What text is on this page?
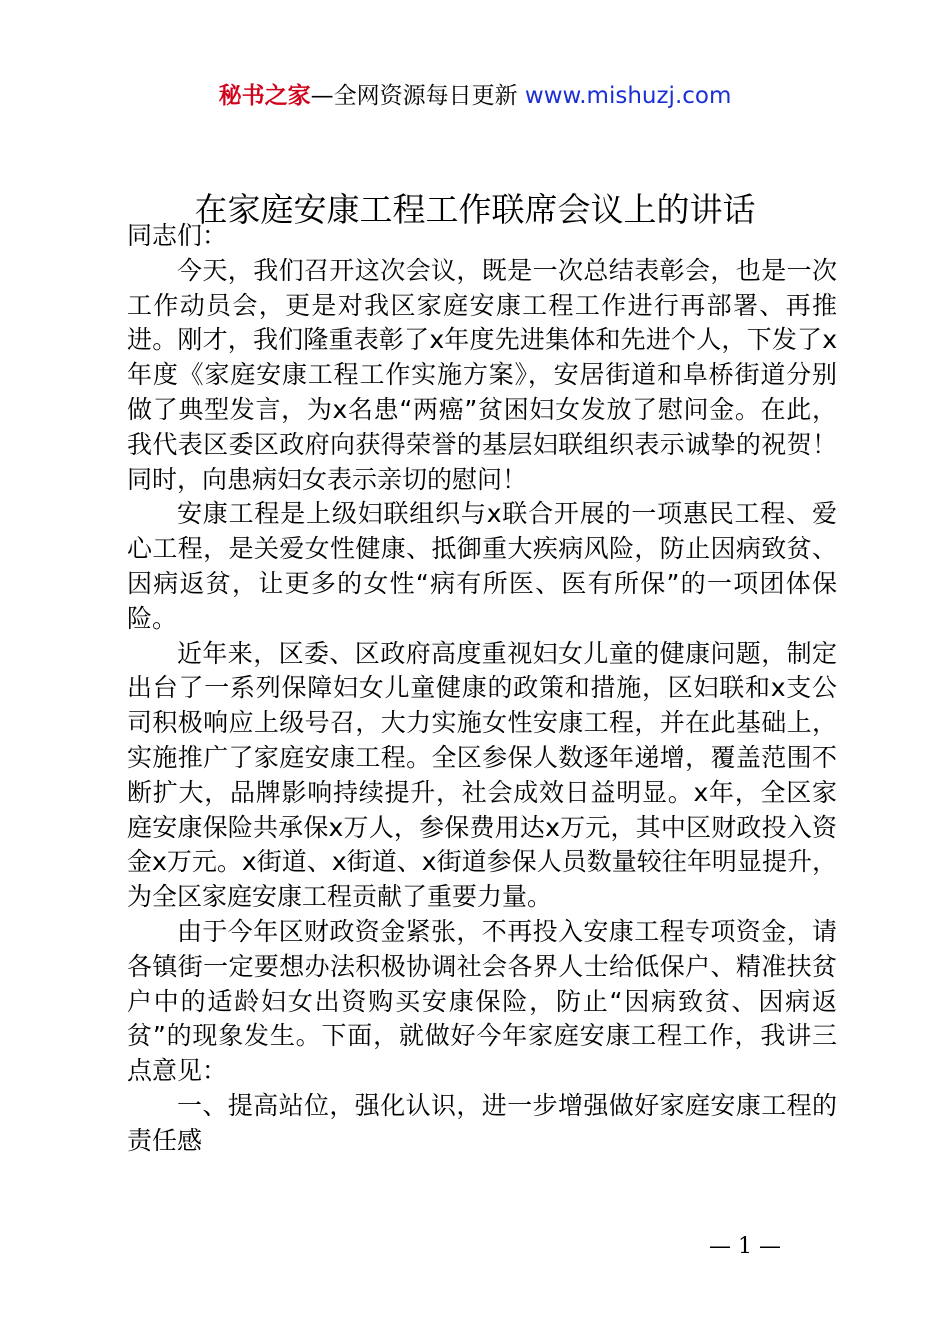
秘书之家—全网资源每日更新 www.mishuzj.com
在家庭安康工程工作联席会议上的讲话

同志们：

今天，我们召开这次会议，既是一次总结表彰会，也是一次工作动员会，更是对我区家庭安康工程工作进行再部署、再推进。刚才，我们隆重表彰了x年度先进集体和先进个人，下发了x年度《家庭安康工程工作实施方案》，安居街道和阜桥街道分别做了典型发言，为x名患“两癌”贫困妇女发放了慰问金。在此，我代表区委区政府向获得荣誉的基层妇联组织表示诚挚的祝贺！同时，向患病妇女表示亲切的慰问！

安康工程是上级妇联组织与x联合开展的一项惠民工程、爱心工程，是关爱女性健康、抵御重大疾病风险，防止因病致贫、因病返贫，让更多的女性“病有所医、医有所保”的一项团体保险。

近年来，区委、区政府高度重视妇女儿童的健康问题，制定出台了一系列保障妇女儿童健康的政策和措施，区妇联和x支公司积极响应上级号召，大力实施女性安康工程，并在此基础上，实施推广了家庭安康工程。全区参保人数逐年递增，覆盖范围不断扩大，品牌影响持续提升，社会成效日益明显。x年，全区家庭安康保险共承保x万人，参保费用达x万元，其中区财政投入资金x万元。x街道、x街道、x街道参保人员数量较往年明显提升，为全区家庭安康工程贡献了重要力量。

由于今年区财政资金紧张，不再投入安康工程专项资金，请各镇街一定要想办法积极协调社会各界人士给低保户、精准扶贫户中的适龄妇女出资购买安康保险，防止“因病致贫、因病返贫”的现象发生。下面，就做好今年家庭安康工程工作，我讲三点意见：

一、提高站位，强化认识，进一步增强做好家庭安康工程的责任感

— 1 —
